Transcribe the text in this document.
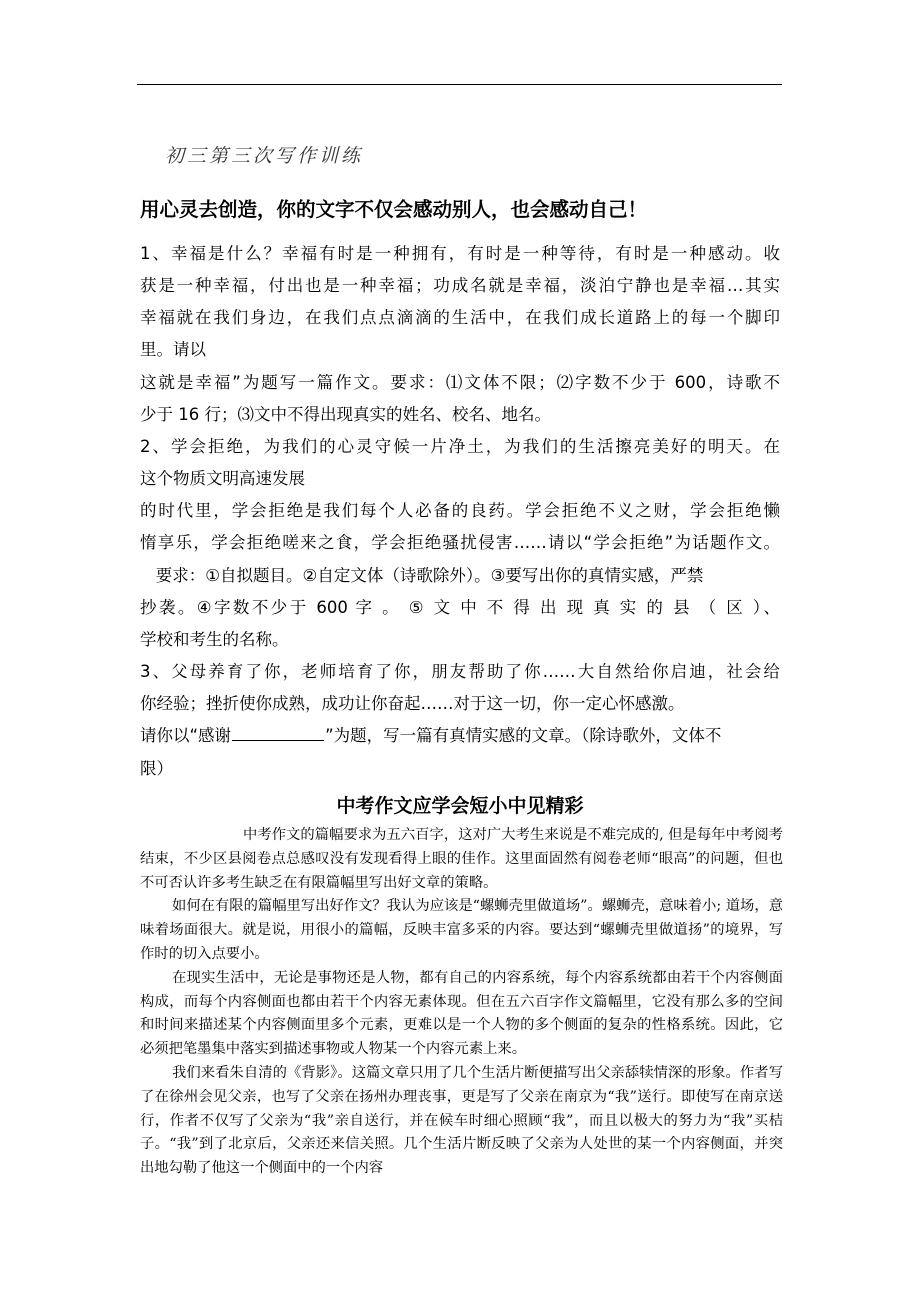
初三第三次写作训练
用心灵去创造，你的文字不仅会感动别人，也会感动自己！
1、幸福是什么？幸福有时是一种拥有，有时是一种等待，有时是一种感动。收
获是一种幸福，付出也是一种幸福；功成名就是幸福，淡泊宁静也是幸福…其实
幸福就在我们身边，在我们点点滴滴的生活中，在我们成长道路上的每一个脚印
里。请以
这就是幸福”为题写一篇作文。要求：⑴文体不限；⑵字数不少于 600，诗歌不
少于 16 行；⑶文中不得出现真实的姓名、校名、地名。
2、学会拒绝，为我们的心灵守候一片净土，为我们的生活擦亮美好的明天。在
这个物质文明高速发展
的时代里，学会拒绝是我们每个人必备的良药。学会拒绝不义之财，学会拒绝懒
惰享乐，学会拒绝嗟来之食，学会拒绝骚扰侵害……请以“学会拒绝”为话题作文。
要求：①自拟题目。②自定文体（诗歌除外）。③要写出你的真情实感，严禁
抄袭。④字数不少于 600 字 。 ⑤ 文 中 不 得 出 现 真 实 的 县 （ 区 ）、
学校和考生的名称。
3、父母养育了你，老师培育了你，朋友帮助了你……大自然给你启迪，社会给
你经验；挫折使你成熟，成功让你奋起……对于这一切，你一定心怀感激。
请你以“感谢	”为题，写一篇有真情实感的文章。（除诗歌外，文体不
限）
中考作文应学会短小中见精彩

中考作文的篇幅要求为五六百字，这对广大考生来说是不难完成的, 但是每年中考阅考结束，不少区县阅卷点总感叹没有发现看得上眼的佳作。这里面固然有阅卷老师“眼高”的问题，但也不可否认许多考生缺乏在有限篇幅里写出好文章的策略。

如何在有限的篇幅里写出好作文？我认为应该是“螺蛳壳里做道场”。螺蛳壳，意味着小; 道场，意味着场面很大。就是说，用很小的篇幅，反映丰富多采的内容。要达到“螺蛳壳里做道扬”的境界，写作时的切入点要小。

在现实生活中，无论是事物还是人物，都有自己的内容系统，每个内容系统都由若干个内容侧面构成，而每个内容侧面也都由若干个内容无素体现。但在五六百字作文篇幅里，它没有那么多的空间和时间来描述某个内容侧面里多个元素，更难以是一个人物的多个侧面的复杂的性格系统。因此，它必须把笔墨集中落实到描述事物或人物某一个内容元素上来。

我们来看朱自清的《背影》。这篇文章只用了几个生活片断便描写出父亲舔犊情深的形象。作者写了在徐州会见父亲，也写了父亲在扬州办理丧事，更是写了父亲在南京为“我”送行。即使写在南京送行，作者不仅写了父亲为“我”亲自送行，并在候车时细心照顾“我”，而且以极大的努力为“我”买桔子。“我”到了北京后，父亲还来信关照。几个生活片断反映了父亲为人处世的某一个内容侧面，并突出地勾勒了他这一个侧面中的一个内容
